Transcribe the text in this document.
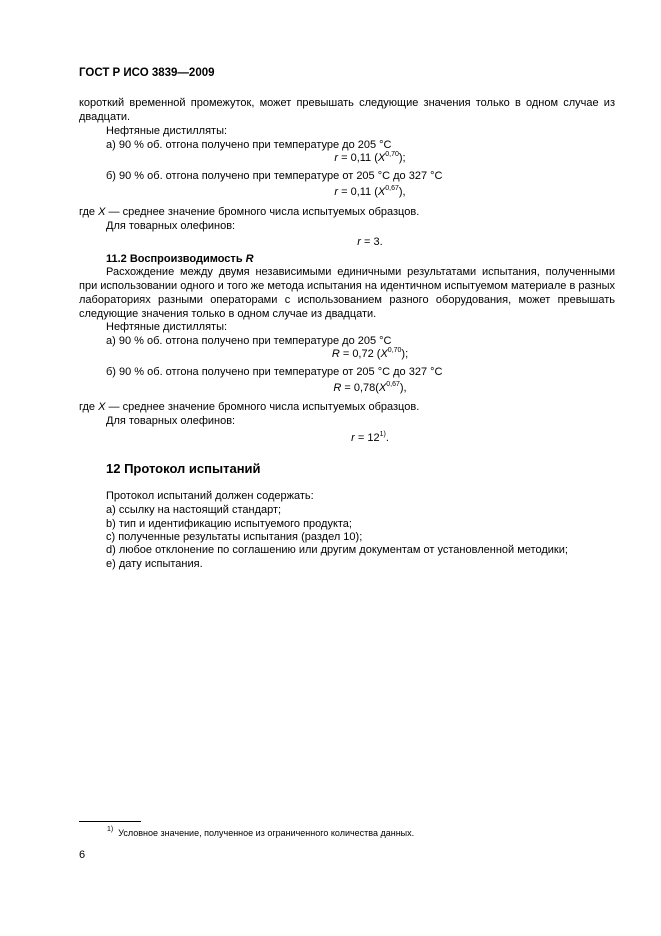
ГОСТ Р ИСО 3839—2009
короткий временной промежуток, может превышать следующие значения только в одном случае из двадцати.
Нефтяные дистилляты:
а) 90 % об. отгона получено при температуре до 205 °С
r = 0,11 $(X^{0,70})$;
б) 90 % об. отгона получено при температуре от 205 °С до 327 °С
r = 0,11 $(X^{0,67})$,
где X — среднее значение бромного числа испытуемых образцов.
Для товарных олефинов:
r = 3.
11.2 Воспроизводимость R
Расхождение между двумя независимыми единичными результатами испытания, полученными при использовании одного и того же метода испытания на идентичном испытуемом материале в разных лабораториях разными операторами с использованием разного оборудования, может превышать следующие значения только в одном случае из двадцати.
Нефтяные дистилляты:
а) 90 % об. отгона получено при температуре до 205 °С
R = 0,72 $(X^{0,70})$;
б) 90 % об. отгона получено при температуре от 205 °С до 327 °С
$R = 0,78(X^{0,67})$,
где X — среднее значение бромного числа испытуемых образцов.
Для товарных олефинов:
$r = 12^{1)}$.
12 Протокол испытаний
Протокол испытаний должен содержать:
a) ссылку на настоящий стандарт;
b) тип и идентификацию испытуемого продукта;
c) полученные результаты испытания (раздел 10);
d) любое отклонение по соглашению или другим документам от установленной методики;
e) дату испытания.
$^{1)}$ Условное значение, полученное из ограниченного количества данных.
6
